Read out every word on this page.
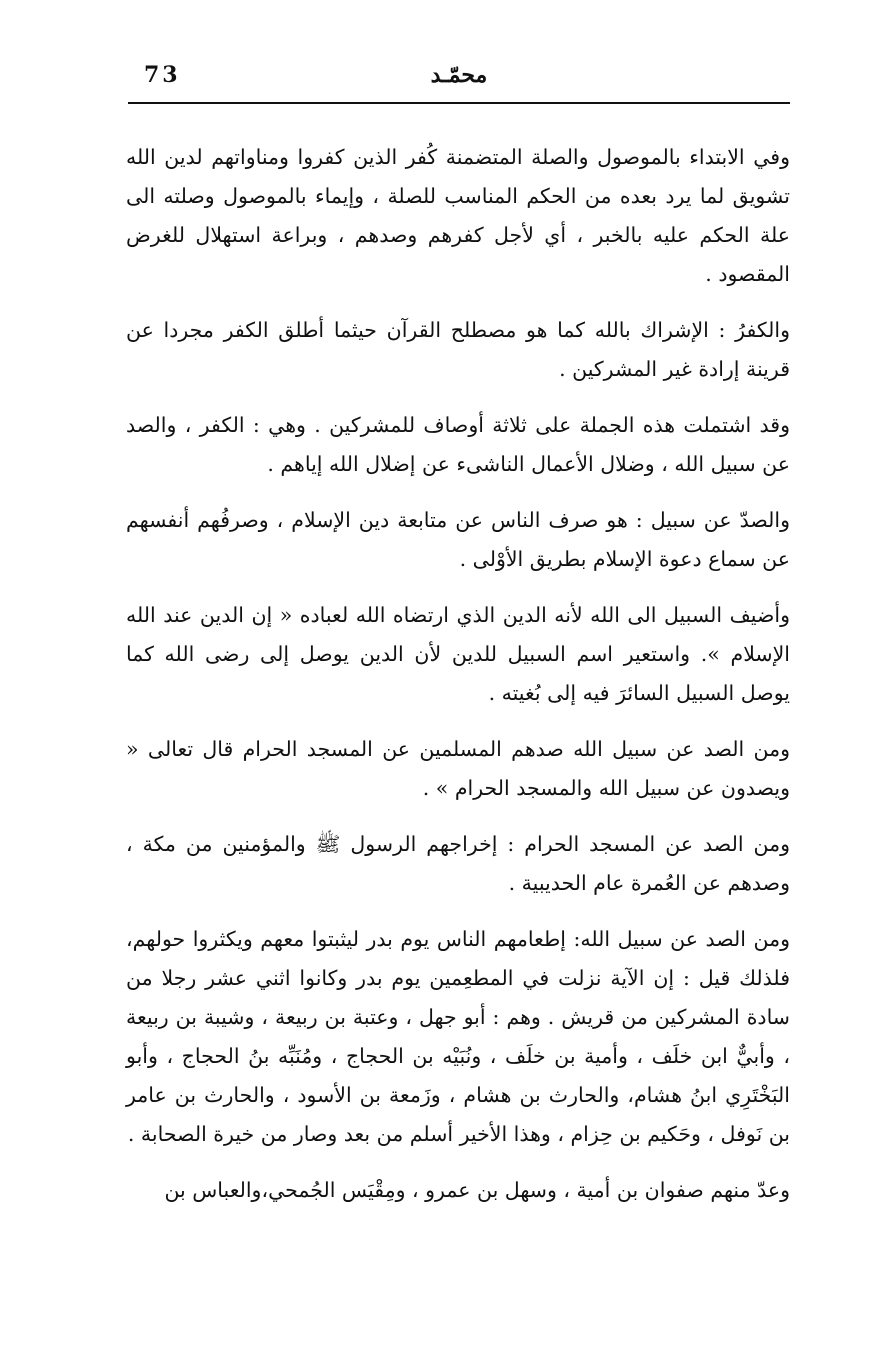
73	محمّـد

وفي الابتداء بالموصول والصلة المتضمنة كُفر الذين كفروا ومناواتهم لدين الله تشويق لما يرد بعده من الحكم المناسب للصلة ، وإيماء بالموصول وصلته الى علة الحكم عليه بالخبر ، أي لأجل كفرهم وصدهم ، وبراعة استهلال للغرض المقصود .

والكفرُ : الإشراك بالله كما هو مصطلح القرآن حيثما أطلق الكفر مجردا عن قرينة إرادة غير المشركين .

وقد اشتملت هذه الجملة على ثلاثة أوصاف للمشركين . وهي : الكفر ، والصد عن سبيل الله ، وضلال الأعمال الناشىء عن إضلال الله إياهم .

والصدّ عن سبيل : هو صرف الناس عن متابعة دين الإسلام ، وصرفُهم أنفسهم عن سماع دعوة الإسلام بطريق الأوْلى .

وأضيف السبيل الى الله لأنه الدين الذي ارتضاه الله لعباده « إن الدين عند الله الإسلام ». واستعير اسم السبيل للدين لأن الدين يوصل إلى رضى الله كما يوصل السبيل السائرَ فيه إلى بُغيته .

ومن الصد عن سبيل الله صدهم المسلمين عن المسجد الحرام قال تعالى « ويصدون عن سبيل الله والمسجد الحرام » .

ومن الصد عن المسجد الحرام : إخراجهم الرسول ﷺ والمؤمنين من مكة ، وصدهم عن العُمرة عام الحديبية .

ومن الصد عن سبيل الله: إطعامهم الناس يوم بدر ليثبتوا معهم ويكثروا حولهم، فلذلك قيل : إن الآية نزلت في المطعِمين يوم بدر وكانوا اثني عشر رجلا من سادة المشركين من قريش . وهم : أبو جهل ، وعتبة بن ربيعة ، وشيبة بن ربيعة ، وأبيٌّ ابن خلَف ، وأمية بن خلَف ، ونُبَيْه بن الحجاج ، ومُنَبِّه بنُ الحجاج ، وأبو البَخْتَرِي ابنُ هشام، والحارث بن هشام ، وزَمعة بن الأسود ، والحارث بن عامر بن نَوفل ، وحَكيم بن حِزام ، وهذا الأخير أسلم من بعد وصار من خيرة الصحابة .

وعدّ منهم صفوان بن أمية ، وسهل بن عمرو ، ومِقْيَس الجُمحي،والعباس بن
